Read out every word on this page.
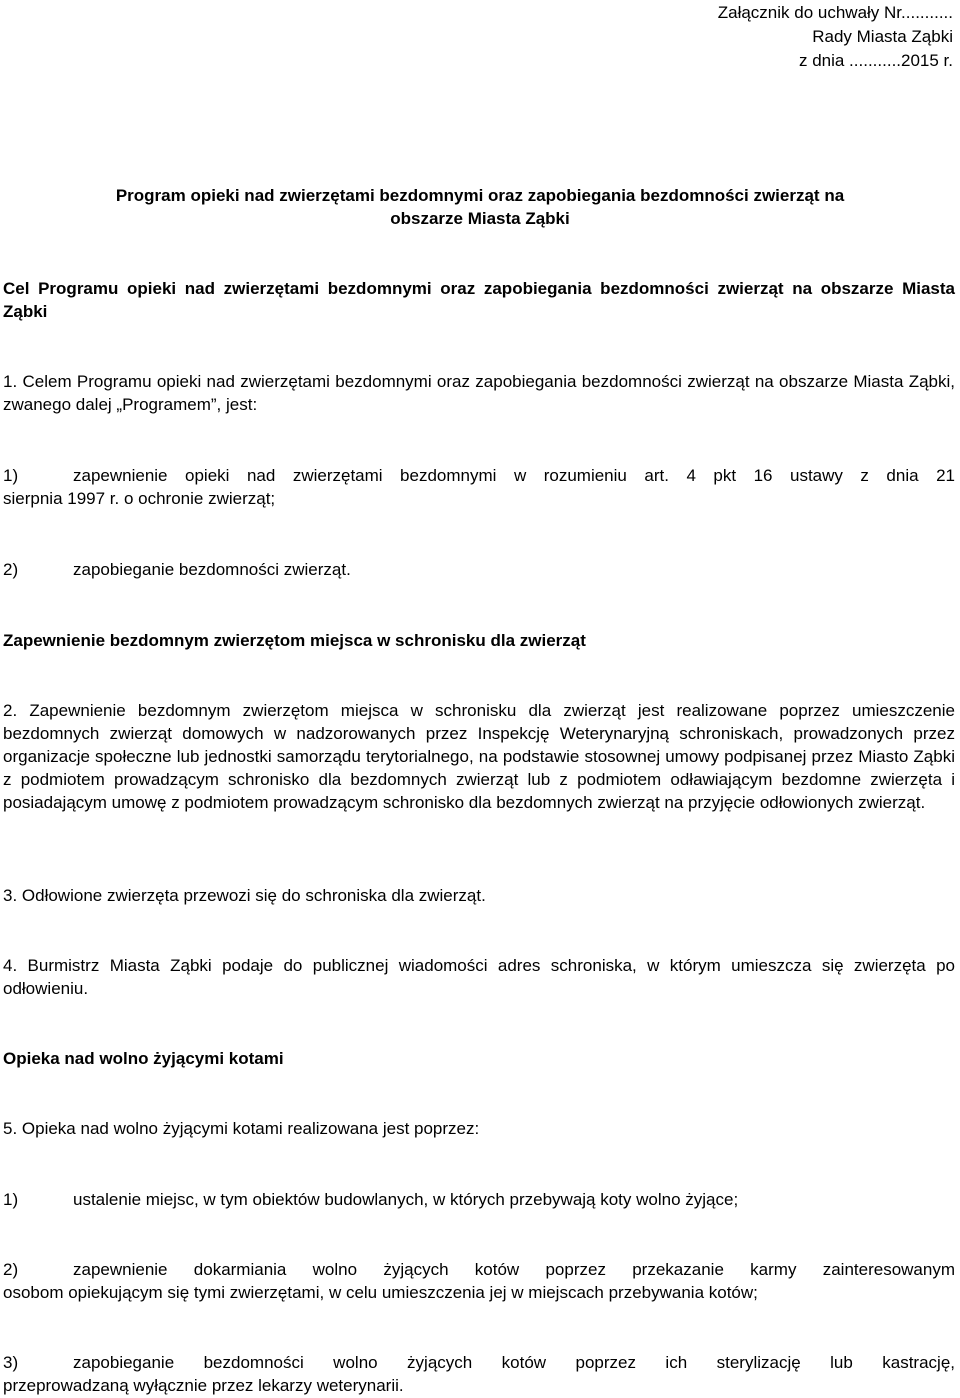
Załącznik do uchwały Nr...........
Rady Miasta Ząbki
z dnia ...........2015 r.
Program opieki nad zwierzętami bezdomnymi oraz zapobiegania bezdomności zwierząt na
obszarze Miasta Ząbki
Cel Programu opieki nad zwierzętami bezdomnymi oraz zapobiegania bezdomności zwierząt na obszarze Miasta Ząbki
1. Celem Programu opieki nad zwierzętami bezdomnymi oraz zapobiegania bezdomności zwierząt na obszarze Miasta Ząbki, zwanego dalej „Programem”, jest:
1)	zapewnienie opieki nad zwierzętami bezdomnymi w rozumieniu art. 4 pkt 16 ustawy z dnia 21
sierpnia 1997 r. o ochronie zwierząt;
2)	zapobieganie bezdomności zwierząt.
Zapewnienie bezdomnym zwierzętom miejsca w schronisku dla zwierząt
2. Zapewnienie bezdomnym zwierzętom miejsca w schronisku dla zwierząt jest realizowane poprzez umieszczenie bezdomnych zwierząt domowych w nadzorowanych przez Inspekcję Weterynaryjną schroniskach, prowadzonych przez organizacje społeczne lub jednostki samorządu terytorialnego, na podstawie stosownej umowy podpisanej przez Miasto Ząbki z podmiotem prowadzącym schronisko dla bezdomnych zwierząt lub z podmiotem odławiającym bezdomne zwierzęta i posiadającym umowę z podmiotem prowadzącym schronisko dla bezdomnych zwierząt na przyjęcie odłowionych zwierząt.
3. Odłowione zwierzęta przewozi się do schroniska dla zwierząt.
4. Burmistrz Miasta Ząbki podaje do publicznej wiadomości adres schroniska, w którym umieszcza się zwierzęta po odłowieniu.
Opieka nad wolno żyjącymi kotami
5. Opieka nad wolno żyjącymi kotami realizowana jest poprzez:
1)	ustalenie miejsc, w tym obiektów budowlanych, w których przebywają koty wolno żyjące;
2)	zapewnienie dokarmiania wolno żyjących kotów poprzez przekazanie karmy zainteresowanym
osobom opiekującym się tymi zwierzętami, w celu umieszczenia jej w miejscach przebywania kotów;
3)	zapobieganie bezdomności wolno żyjących kotów poprzez ich sterylizację lub kastrację,
przeprowadzaną wyłącznie przez lekarzy weterynarii.
